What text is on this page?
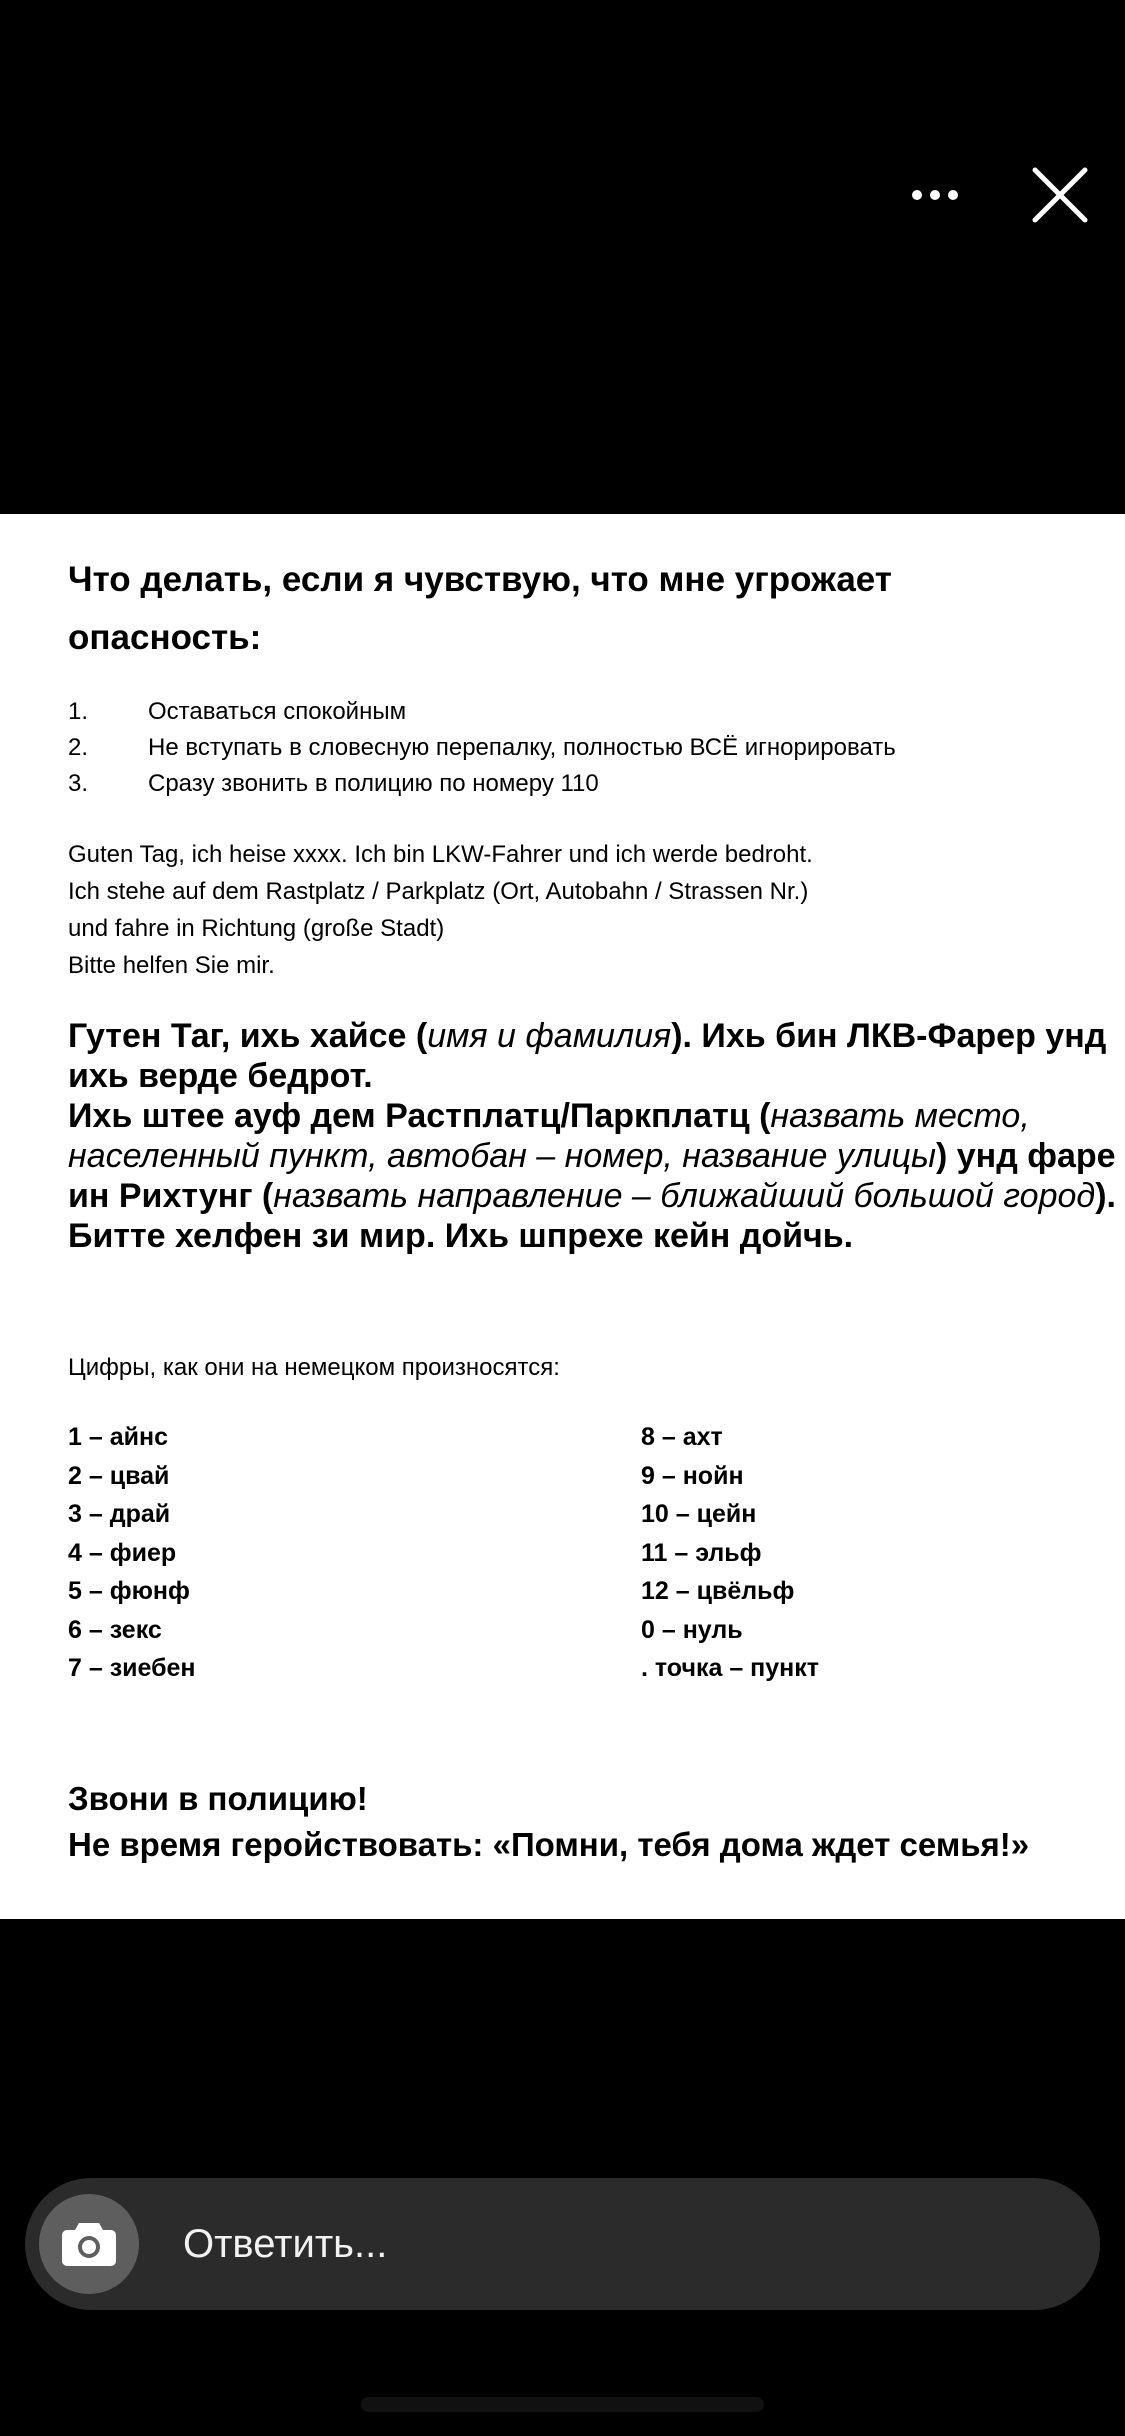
Что делать, если я чувствую, что мне угрожает опасность:
1.	Оставаться спокойным
2.	Не вступать в словесную перепалку, полностью ВСЁ игнорировать
3.	Сразу звонить в полицию по номеру 110
Guten Tag, ich heise xxxx. Ich bin LKW-Fahrer und ich werde bedroht.
Ich stehe auf dem Rastplatz / Parkplatz (Ort, Autobahn / Strassen Nr.)
und fahre in Richtung (große Stadt)
Bitte helfen Sie mir.
Гутен Таг, ихь хайсе (имя и фамилия). Ихь бин ЛКВ-Фарер унд ихь верде бедрот.
Ихь штее ауф дем Растплатц/Паркплатц (назвать место, населенный пункт, автобан – номер, название улицы) унд фаре ин Рихтунг (назвать направление – ближайший большой город).
Битте хелфен зи мир. Ихь шпрехе кейн дойчь.
Цифры, как они на немецком произносятся:
1 – айнс
2 – цвай
3 – драй
4 – фиер
5 – фюнф
6 – зекс
7 – зиебен
8 – ахт
9 – нойн
10 – цейн
11 – эльф
12 – цвёльф
0 – нуль
. точка – пункт
Звони в полицию!
Не время геройствовать: «Помни, тебя дома ждет семья!»
Ответить...
